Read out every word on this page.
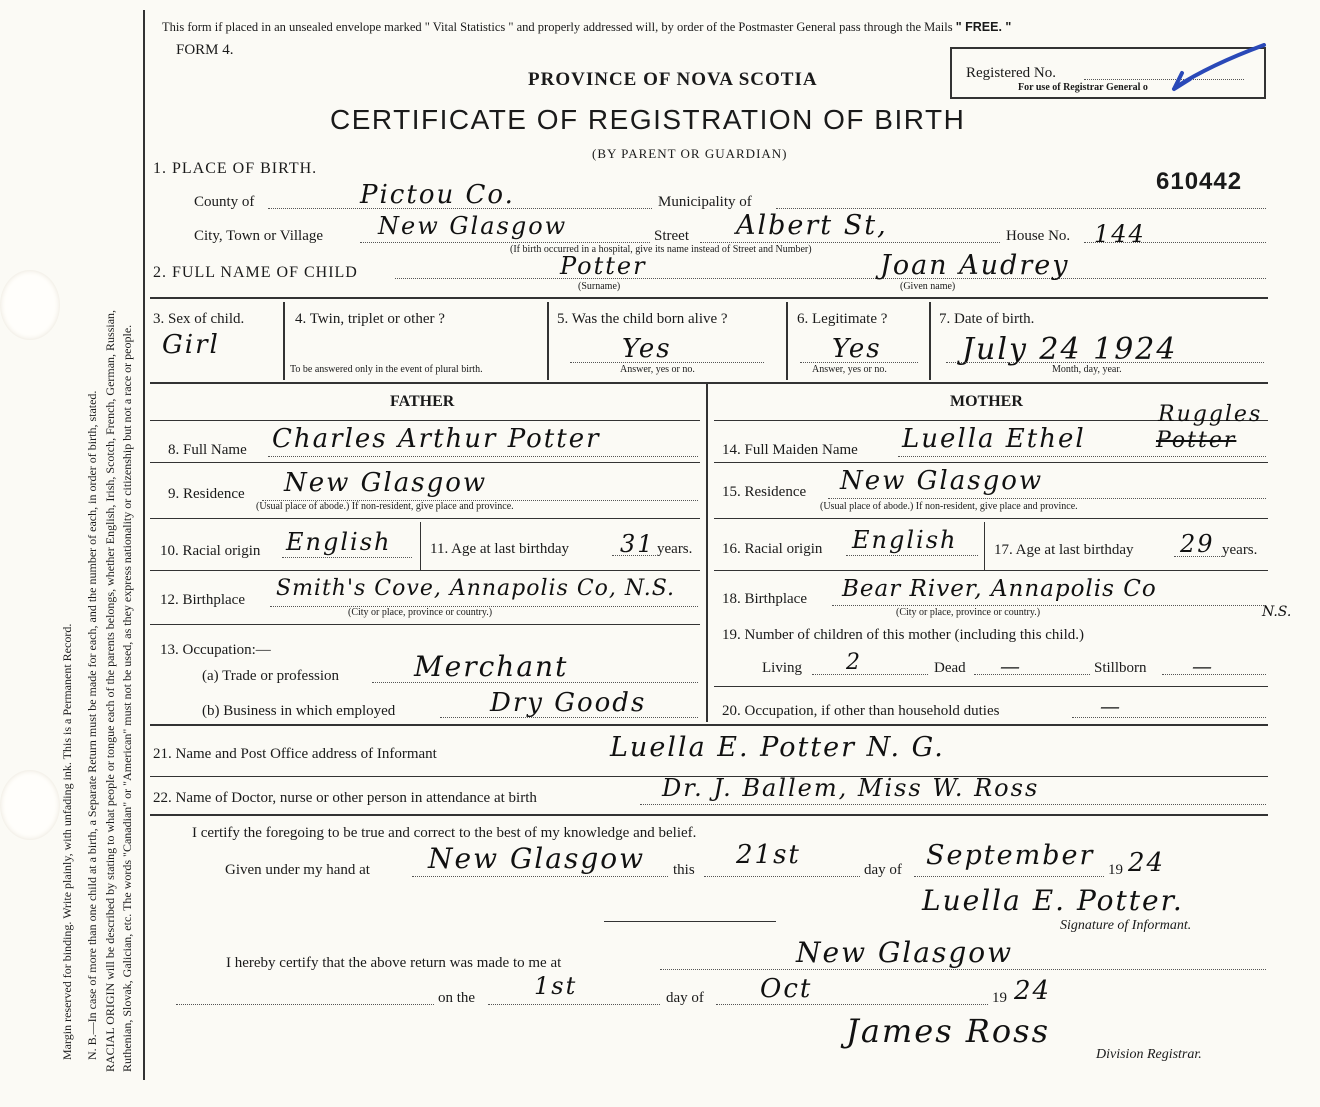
Margin reserved for binding. Write plainly, with unfading ink. This is a Permanent Record. N. B.—In case of more than one child at a birth, a Separate Return must be made for each, and the number of each, in order of birth, stated. RACIAL ORIGIN will be described by stating to what people or tongue each of the parents belongs, whether English, Irish, Scotch, French, German, Russian, Ruthenian, Slovak, Galician, etc. The words "Canadian" or "American" must not be used, as they express nationality or citizenship but not a race or people.
This form if placed in an unsealed envelope marked " Vital Statistics " and properly addressed will, by order of the Postmaster General pass through the Mails " FREE. "
FORM 4.
PROVINCE OF NOVA SCOTIA
CERTIFICATE OF REGISTRATION OF BIRTH
(BY PARENT OR GUARDIAN)
Registered No.
For use of Registrar General o
610442
1. PLACE OF BIRTH.
County of	Pictou Co.	Municipality of
City, Town or Village New Glasgow	Street Albert St,	House No. 144
(If birth occurred in a hospital, give its name instead of Street and Number)
2. FULL NAME OF CHILD	Potter
(Surname)
Joan Audrey
(Given name)
3. Sex of child.
Girl
4. Twin, triplet or other ?
To be answered only in the event of plural birth.
5. Was the child born alive ?
Yes
Answer, yes or no.
6. Legitimate ?
Yes
Answer, yes or no.
7. Date of birth.
July 24 1924
Month, day, year.
FATHER
8. Full Name Charles Arthur Potter
9. Residence New Glasgow
(Usual place of abode.) If non-resident, give place and province.
10. Racial origin English	11. Age at last birthday 31 years.
12. Birthplace Smith's Cove, Annapolis Co, N.S.
(City or place, province or country.)
13. Occupation:—
(a) Trade or profession	Merchant
(b) Business in which employed	Dry Goods
MOTHER
14. Full Maiden Name Luella Ethel	Potter
Ruggles
15. Residence New Glasgow
(Usual place of abode.) If non-resident, give place and province.
16. Racial origin English 17. Age at last birthday 29 years.
18. Birthplace Bear River, Annapolis Co
N.S.
(City or place, province or country.)
19. Number of children of this mother (including this child.)
Living 2	Dead —	Stillborn —
20. Occupation, if other than household duties	—
21. Name and Post Office address of Informant	Luella E. Potter N. G.
22. Name of Doctor, nurse or other person in attendance at birth	Dr. J. Ballem, Miss W. Ross
I certify the foregoing to be true and correct to the best of my knowledge and belief.
Given under my hand at New Glasgow this 21st	day of September 19 24
Luella E. Potter.
Signature of Informant.
I hereby certify that the above return was made to me at	New Glasgow
on the 1st	day of Oct	19 24
James Ross
Division Registrar.
